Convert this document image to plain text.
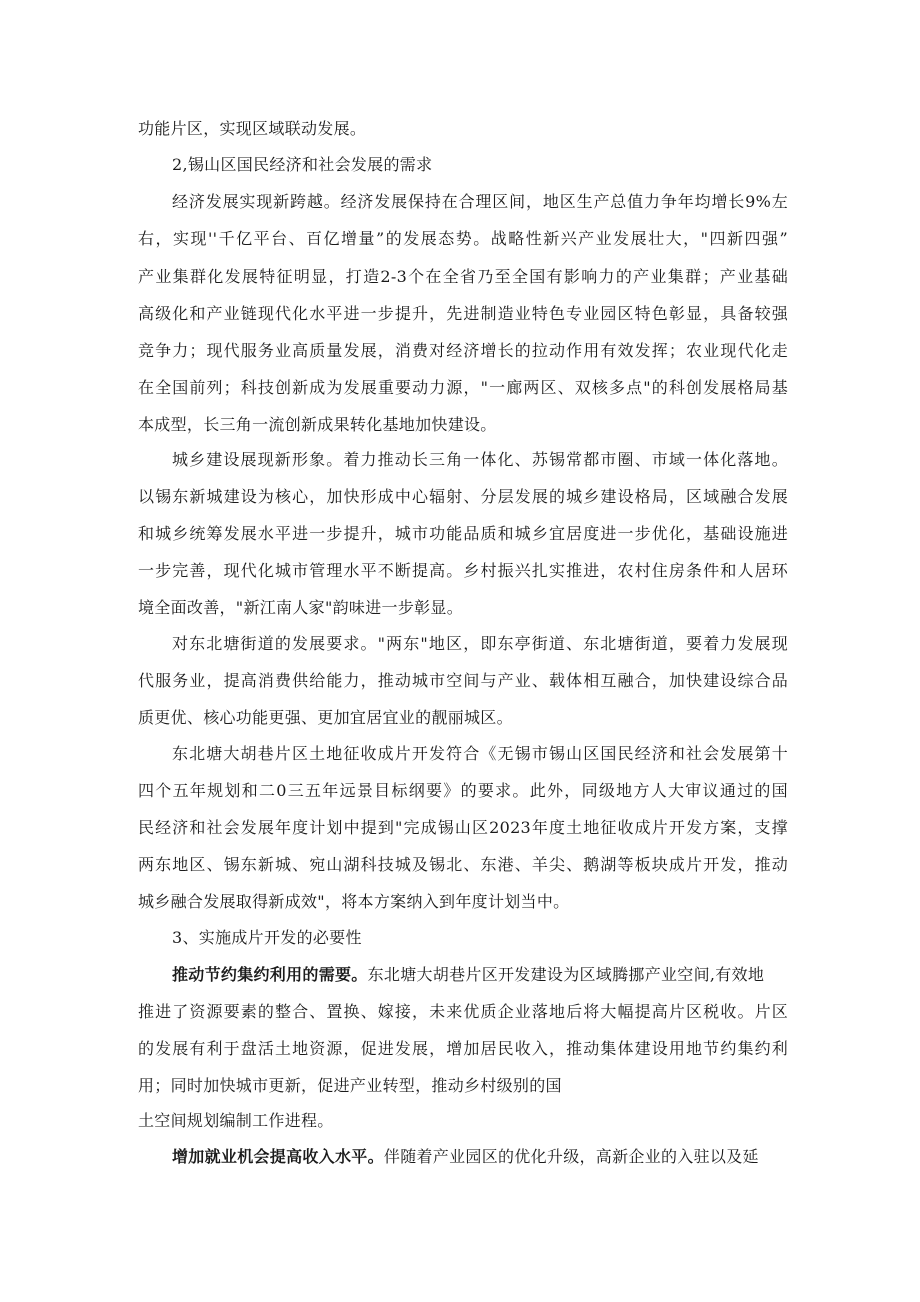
功能片区，实现区域联动发展。
2,锡山区国民经济和社会发展的需求
经济发展实现新跨越。经济发展保持在合理区间，地区生产总值力争年均增长9%左
右，实现''千亿平台、百亿增量”的发展态势。战略性新兴产业发展壮大，"四新四强”
产业集群化发展特征明显，打造2-3个在全省乃至全国有影响力的产业集群；产业基础
高级化和产业链现代化水平进一步提升，先进制造业特色专业园区特色彰显，具备较强
竞争力；现代服务业高质量发展，消费对经济增长的拉动作用有效发挥；农业现代化走
在全国前列；科技创新成为发展重要动力源，"一廊两区、双核多点"的科创发展格局基
本成型，长三角一流创新成果转化基地加快建设。
城乡建设展现新形象。着力推动长三角一体化、苏锡常都市圈、市域一体化落地。
以锡东新城建设为核心，加快形成中心辐射、分层发展的城乡建设格局，区域融合发展
和城乡统筹发展水平进一步提升，城市功能品质和城乡宜居度进一步优化，基础设施进
一步完善，现代化城市管理水平不断提高。乡村振兴扎实推进，农村住房条件和人居环
境全面改善，"新江南人家"韵味进一步彰显。
对东北塘街道的发展要求。"两东"地区，即东亭街道、东北塘街道，要着力发展现
代服务业，提高消费供给能力，推动城市空间与产业、载体相互融合，加快建设综合品
质更优、核心功能更强、更加宜居宜业的靓丽城区。
东北塘大胡巷片区土地征收成片开发符合《无锡市锡山区国民经济和社会发展第十
四个五年规划和二0三五年远景目标纲要》的要求。此外，同级地方人大审议通过的国
民经济和社会发展年度计划中提到"完成锡山区2023年度土地征收成片开发方案，支撑
两东地区、锡东新城、宛山湖科技城及锡北、东港、羊尖、鹅湖等板块成片开发，推动
城乡融合发展取得新成效"，将本方案纳入到年度计划当中。
3、实施成片开发的必要性
推动节约集约利用的需要。东北塘大胡巷片区开发建设为区域腾挪产业空间,有效地
推进了资源要素的整合、置换、嫁接，未来优质企业落地后将大幅提高片区税收。片区
的发展有利于盘活土地资源，促进发展，增加居民收入，推动集体建设用地节约集约利
用；同时加快城市更新，促进产业转型，推动乡村级别的国
土空间规划编制工作进程。
增加就业机会提高收入水平。伴随着产业园区的优化升级，高新企业的入驻以及延
